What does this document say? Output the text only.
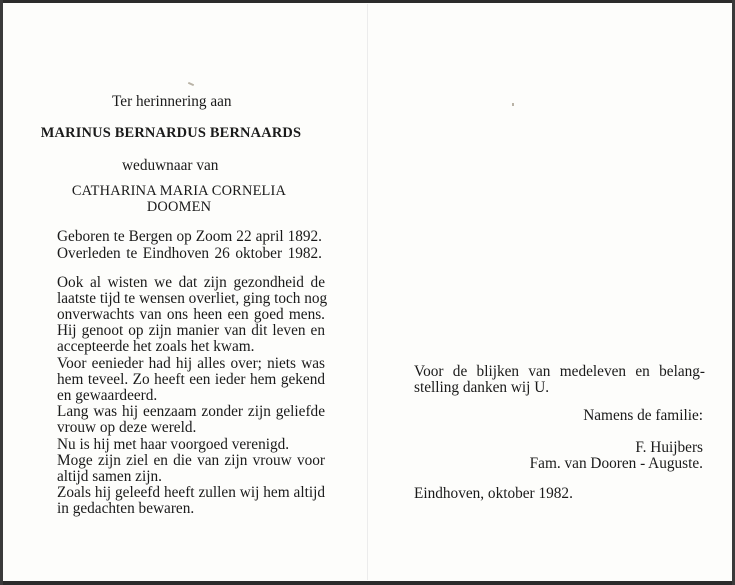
Ter herinnering aan
MARINUS BERNARDUS BERNAARDS
weduwnaar van
CATHARINA MARIA CORNELIA
DOOMEN
Geboren te Bergen op Zoom 22 april 1892.
Overleden te Eindhoven 26 oktober 1982.
Ook al wisten we dat zijn gezondheid de
laatste tijd te wensen overliet, ging toch nog
onverwachts van ons heen een goed mens.
Hij genoot op zijn manier van dit leven en
accepteerde het zoals het kwam.
Voor eenieder had hij alles over; niets was
hem teveel. Zo heeft een ieder hem gekend
en gewaardeerd.
Lang was hij eenzaam zonder zijn geliefde
vrouw op deze wereld.
Nu is hij met haar voorgoed verenigd.
Moge zijn ziel en die van zijn vrouw voor
altijd samen zijn.
Zoals hij geleefd heeft zullen wij hem altijd
in gedachten bewaren.
Voor de blijken van medeleven en belang-
stelling danken wij U.
Namens de familie:
F. Huijbers
Fam. van Dooren - Auguste.
Eindhoven, oktober 1982.
